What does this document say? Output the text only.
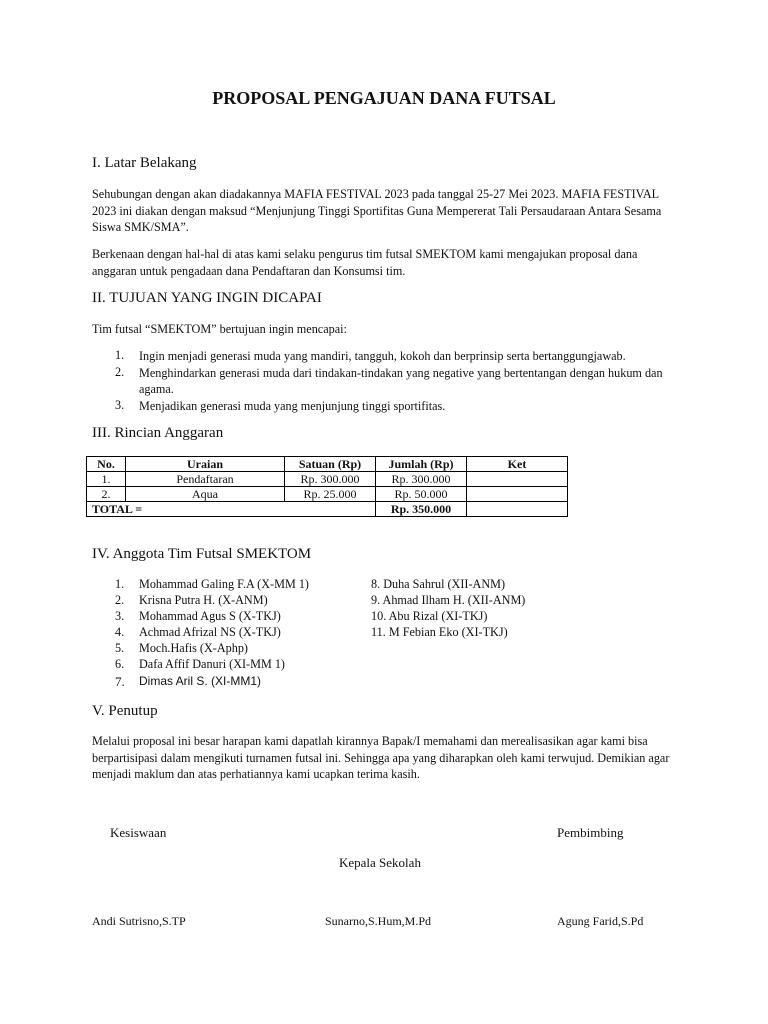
PROPOSAL PENGAJUAN DANA FUTSAL
I. Latar Belakang
Sehubungan dengan akan diadakannya MAFIA FESTIVAL 2023 pada tanggal 25-27 Mei 2023. MAFIA FESTIVAL 2023 ini diakan dengan maksud “Menjunjung Tinggi Sportifitas Guna Mempererat Tali Persaudaraan Antara Sesama Siswa SMK/SMA”.
Berkenaan dengan hal-hal di atas kami selaku pengurus tim futsal SMEKTOM kami mengajukan proposal dana anggaran untuk pengadaan dana Pendaftaran dan Konsumsi tim.
II. TUJUAN YANG INGIN DICAPAI
Tim futsal “SMEKTOM” bertujuan ingin mencapai:
1. Ingin menjadi generasi muda yang mandiri, tangguh, kokoh dan berprinsip serta bertanggungjawab.
2. Menghindarkan generasi muda dari tindakan-tindakan yang negative yang bertentangan dengan hukum dan agama.
3. Menjadikan generasi muda yang menjunjung tinggi sportifitas.
III. Rincian Anggaran
No.	Uraian	Satuan (Rp)	Jumlah (Rp)	Ket
1.	Pendaftaran	Rp. 300.000	Rp. 300.000	
2.	Aqua	Rp. 25.000	Rp. 50.000	
TOTAL =			Rp. 350.000	
IV. Anggota Tim Futsal SMEKTOM
1. Mohammad Galing F.A (X-MM 1)
2. Krisna Putra H. (X-ANM)
3. Mohammad Agus S (X-TKJ)
4. Achmad Afrizal NS (X-TKJ)
5. Moch.Hafis (X-Aphp)
6. Dafa Affif Danuri (XI-MM 1)
7. Dimas Aril S. (XI-MM1)
8. Duha Sahrul (XII-ANM)
9. Ahmad Ilham H. (XII-ANM)
10. Abu Rizal (XI-TKJ)
11. M Febian Eko (XI-TKJ)
V. Penutup
Melalui proposal ini besar harapan kami dapatlah kirannya Bapak/I memahami dan merealisasikan agar kami bisa berpartisipasi dalam mengikuti turnamen futsal ini. Sehingga apa yang diharapkan oleh kami terwujud. Demikian agar menjadi maklum dan atas perhatiannya kami ucapkan terima kasih.
Kesiswaan	Pembimbing
Kepala Sekolah
Andi Sutrisno,S.TP	Sunarno,S.Hum,M.Pd	Agung Farid,S.Pd
